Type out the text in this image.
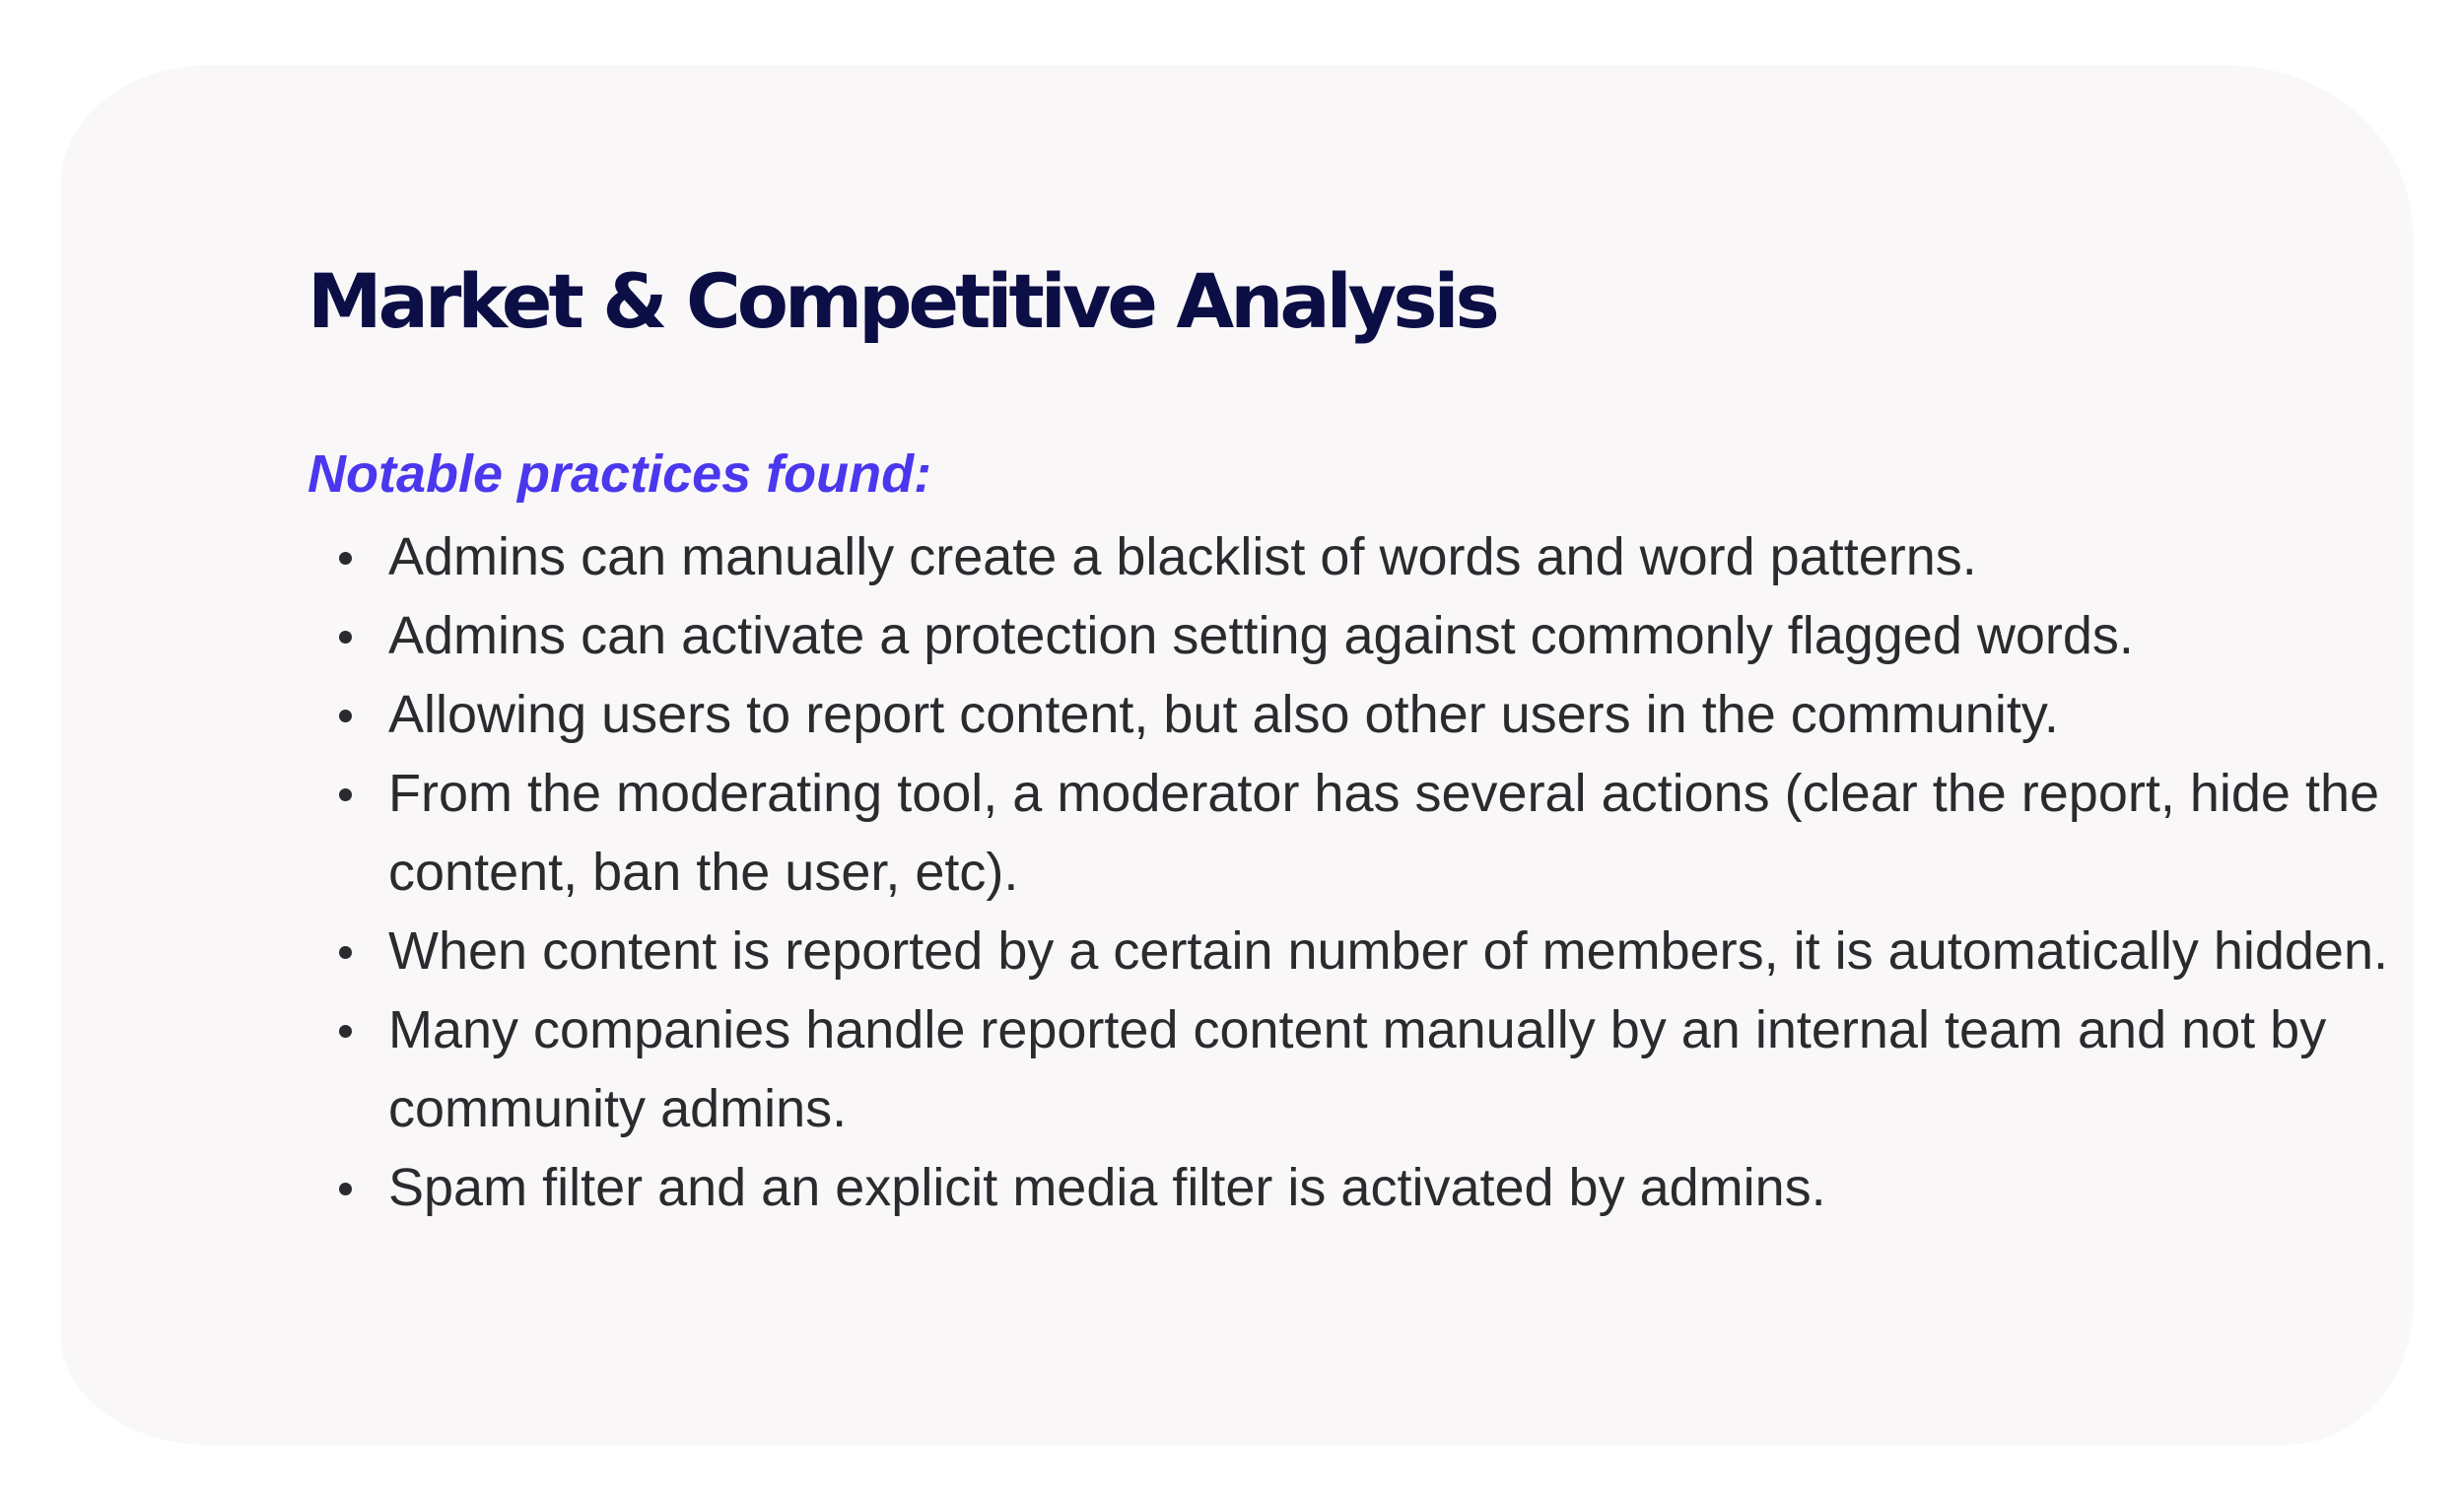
Market & Competitive Analysis
Notable practices found:
Admins can manually create a blacklist of words and word patterns.
Admins can activate a protection setting against commonly flagged words.
Allowing users to report content, but also other users in the community.
From the moderating tool, a moderator has several actions (clear the report, hide the content, ban the user, etc).
When content is reported by a certain number of members, it is automatically hidden.
Many companies handle reported content manually by an internal team and not by community admins.
Spam filter and an explicit media filter is activated by admins.
